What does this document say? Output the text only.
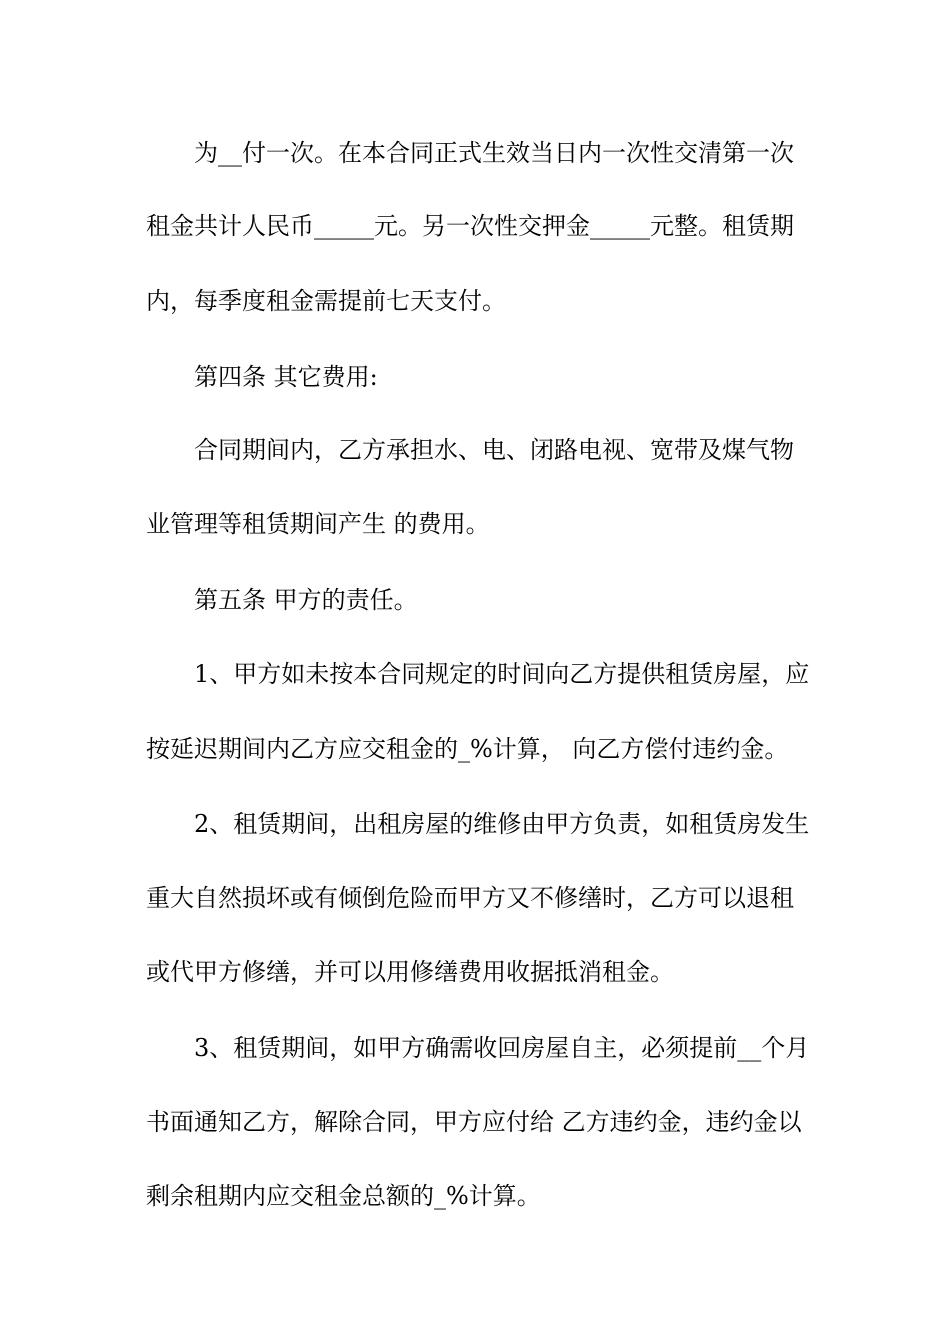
为__付一次。在本合同正式生效当日内一次性交清第一次
租金共计人民币_____元。另一次性交押金_____元整。租赁期
内，每季度租金需提前七天支付。
第四条 其它费用:
合同期间内，乙方承担水、电、闭路电视、宽带及煤气物
业管理等租赁期间产生 的费用。
第五条 甲方的责任。
1、甲方如未按本合同规定的时间向乙方提供租赁房屋，应
按延迟期间内乙方应交租金的_%计算， 向乙方偿付违约金。
2、租赁期间，出租房屋的维修由甲方负责，如租赁房发生
重大自然损坏或有倾倒危险而甲方又不修缮时，乙方可以退租
或代甲方修缮，并可以用修缮费用收据抵消租金。
3、租赁期间，如甲方确需收回房屋自主，必须提前__个月
书面通知乙方，解除合同，甲方应付给 乙方违约金，违约金以
剩余租期内应交租金总额的_%计算。
